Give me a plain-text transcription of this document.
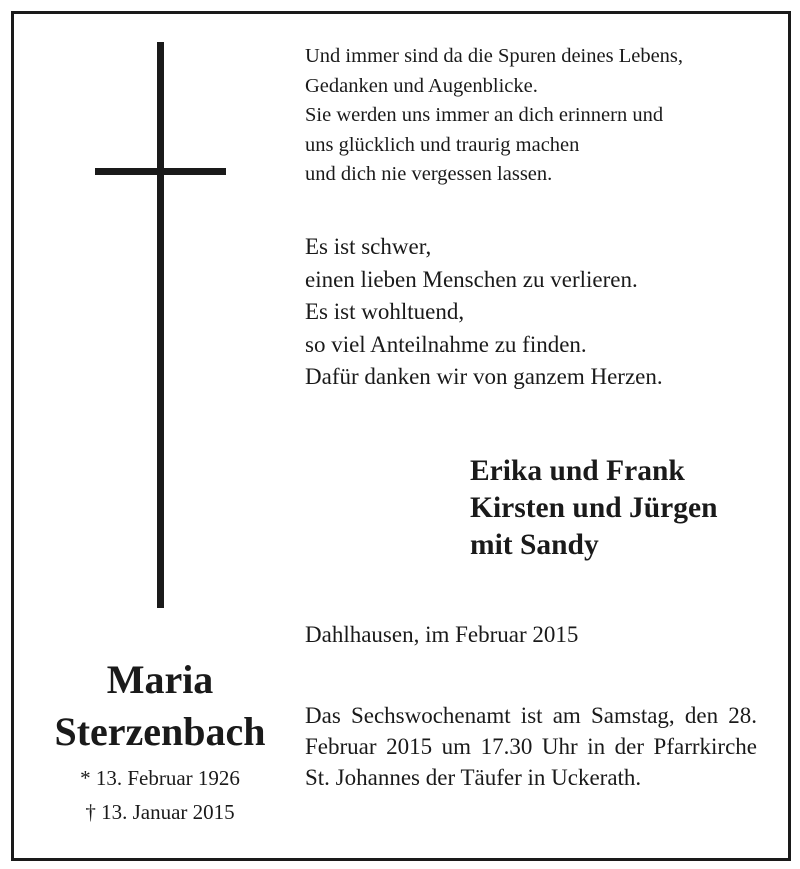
Und immer sind da die Spuren deines Lebens,
Gedanken und Augenblicke.
Sie werden uns immer an dich erinnern und
uns glücklich und traurig machen
und dich nie vergessen lassen.
Es ist schwer,
einen lieben Menschen zu verlieren.
Es ist wohltuend,
so viel Anteilnahme zu finden.
Dafür danken wir von ganzem Herzen.
Erika und Frank
Kirsten und Jürgen
mit Sandy
Dahlhausen, im Februar 2015

Das Sechswochenamt ist am Samstag, den 28. Februar 2015 um 17.30 Uhr in der Pfarrkirche St. Johannes der Täufer in Uckerath.

Maria
Sterzenbach
* 13. Februar 1926
† 13. Januar 2015
